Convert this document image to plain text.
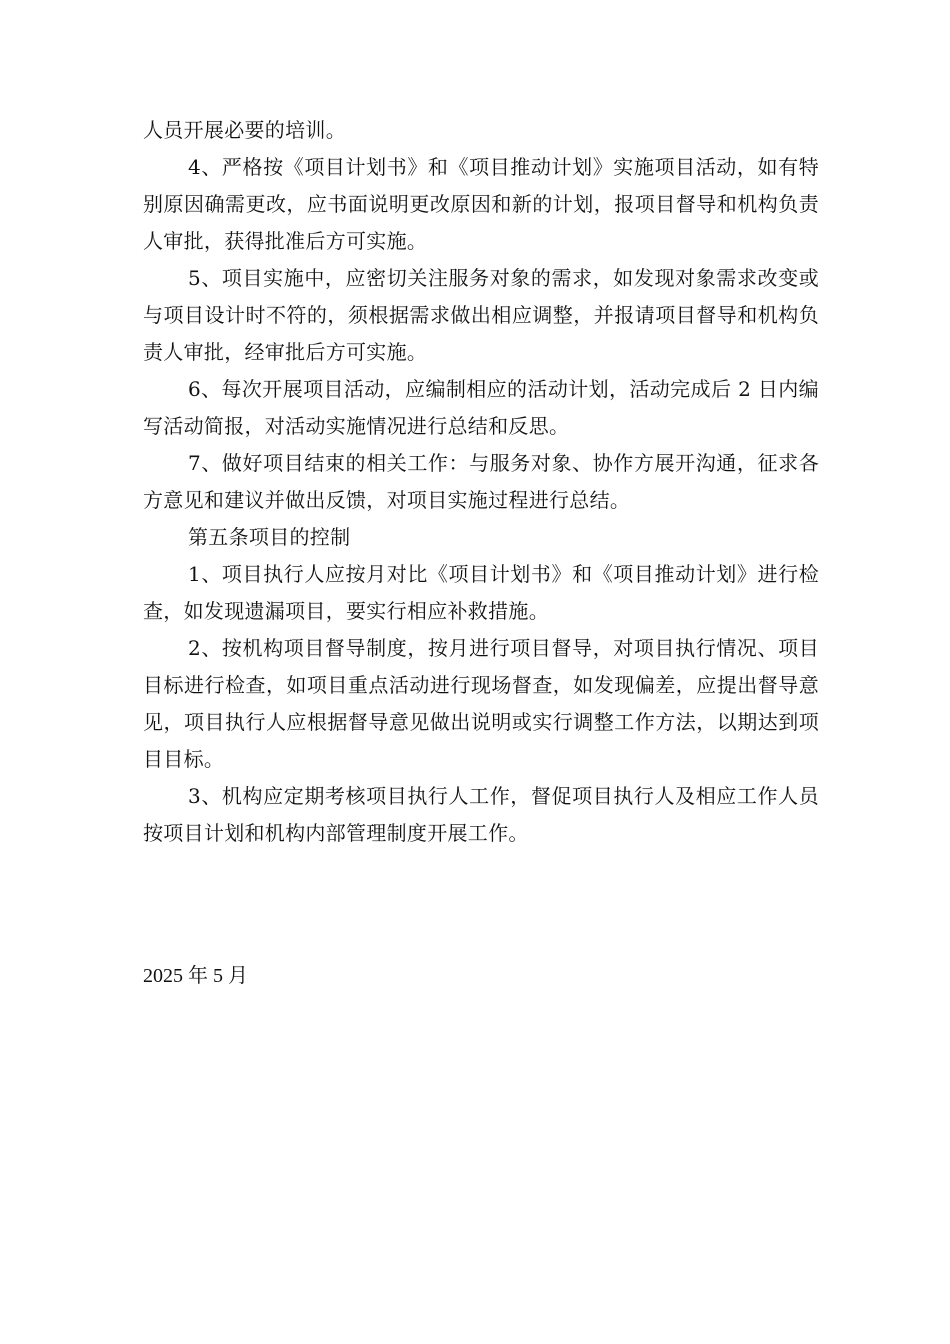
人员开展必要的培训。

4、严格按《项目计划书》和《项目推动计划》实施项目活动，如有特别原因确需更改，应书面说明更改原因和新的计划，报项目督导和机构负责人审批，获得批准后方可实施。

5、项目实施中，应密切关注服务对象的需求，如发现对象需求改变或与项目设计时不符的，须根据需求做出相应调整，并报请项目督导和机构负责人审批，经审批后方可实施。

6、每次开展项目活动，应编制相应的活动计划，活动完成后 2 日内编写活动简报，对活动实施情况进行总结和反思。

7、做好项目结束的相关工作：与服务对象、协作方展开沟通，征求各方意见和建议并做出反馈，对项目实施过程进行总结。

第五条项目的控制

1、项目执行人应按月对比《项目计划书》和《项目推动计划》进行检查，如发现遗漏项目，要实行相应补救措施。

2、按机构项目督导制度，按月进行项目督导，对项目执行情况、项目目标进行检查，如项目重点活动进行现场督查，如发现偏差，应提出督导意见，项目执行人应根据督导意见做出说明或实行调整工作方法，以期达到项目目标。

3、机构应定期考核项目执行人工作，督促项目执行人及相应工作人员按项目计划和机构内部管理制度开展工作。

2025 年 5 月
